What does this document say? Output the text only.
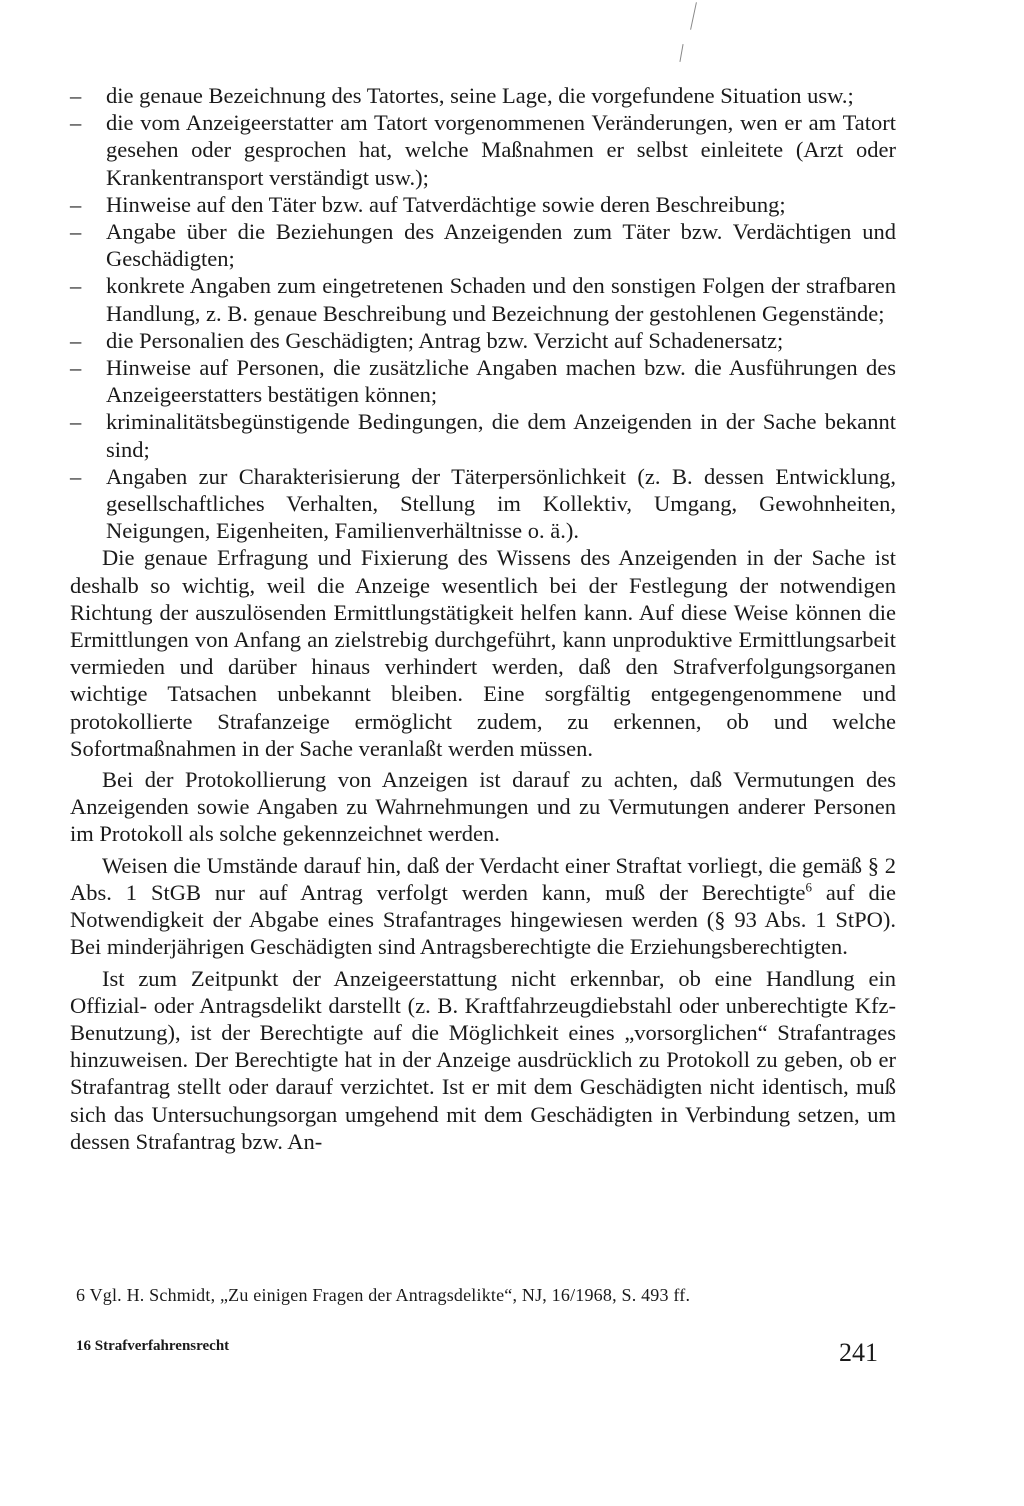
– die genaue Bezeichnung des Tatortes, seine Lage, die vorgefundene Situation usw.;

– die vom Anzeigeerstatter am Tatort vorgenommenen Veränderungen, wen er am Tatort gesehen oder gesprochen hat, welche Maßnahmen er selbst einleitete (Arzt oder Krankentransport verständigt usw.);

– Hinweise auf den Täter bzw. auf Tatverdächtige sowie deren Beschreibung;

– Angabe über die Beziehungen des Anzeigenden zum Täter bzw. Verdächtigen und Geschädigten;

– konkrete Angaben zum eingetretenen Schaden und den sonstigen Folgen der strafbaren Handlung, z. B. genaue Beschreibung und Bezeichnung der gestohlenen Gegenstände;

– die Personalien des Geschädigten; Antrag bzw. Verzicht auf Schadenersatz;

– Hinweise auf Personen, die zusätzliche Angaben machen bzw. die Ausführungen des Anzeigeerstatters bestätigen können;

– kriminalitätsbegünstigende Bedingungen, die dem Anzeigenden in der Sache bekannt sind;

– Angaben zur Charakterisierung der Täterpersönlichkeit (z. B. dessen Entwicklung, gesellschaftliches Verhalten, Stellung im Kollektiv, Umgang, Gewohnheiten, Neigungen, Eigenheiten, Familienverhältnisse o. ä.).

Die genaue Erfragung und Fixierung des Wissens des Anzeigenden in der Sache ist deshalb so wichtig, weil die Anzeige wesentlich bei der Festlegung der notwendigen Richtung der auszulösenden Ermittlungstätigkeit helfen kann. Auf diese Weise können die Ermittlungen von Anfang an zielstrebig durchgeführt, kann unproduktive Ermittlungsarbeit vermieden und darüber hinaus verhindert werden, daß den Strafverfolgungsorganen wichtige Tatsachen unbekannt bleiben. Eine sorgfältig entgegengenommene und protokollierte Strafanzeige ermöglicht zudem, zu erkennen, ob und welche Sofortmaßnahmen in der Sache veranlaßt werden müssen.

Bei der Protokollierung von Anzeigen ist darauf zu achten, daß Vermutungen des Anzeigenden sowie Angaben zu Wahrnehmungen und zu Vermutungen anderer Personen im Protokoll als solche gekennzeichnet werden.

Weisen die Umstände darauf hin, daß der Verdacht einer Straftat vorliegt, die gemäß § 2 Abs. 1 StGB nur auf Antrag verfolgt werden kann, muß der Berechtigte$^6$ auf die Notwendigkeit der Abgabe eines Strafantrages hingewiesen werden (§ 93 Abs. 1 StPO). Bei minderjährigen Geschädigten sind Antragsberechtigte die Erziehungsberechtigten.

Ist zum Zeitpunkt der Anzeigeerstattung nicht erkennbar, ob eine Handlung ein Offizial- oder Antragsdelikt darstellt (z. B. Kraftfahrzeugdiebstahl oder unberechtigte Kfz-Benutzung), ist der Berechtigte auf die Möglichkeit eines „vorsorglichen“ Strafantrages hinzuweisen. Der Berechtigte hat in der Anzeige ausdrücklich zu Protokoll zu geben, ob er Strafantrag stellt oder darauf verzichtet. Ist er mit dem Geschädigten nicht identisch, muß sich das Untersuchungsorgan umgehend mit dem Geschädigten in Verbindung setzen, um dessen Strafantrag bzw. An-

6 Vgl. H. Schmidt, „Zu einigen Fragen der Antragsdelikte“, NJ, 16/1968, S. 493 ff.
16 Strafverfahrensrecht	241
